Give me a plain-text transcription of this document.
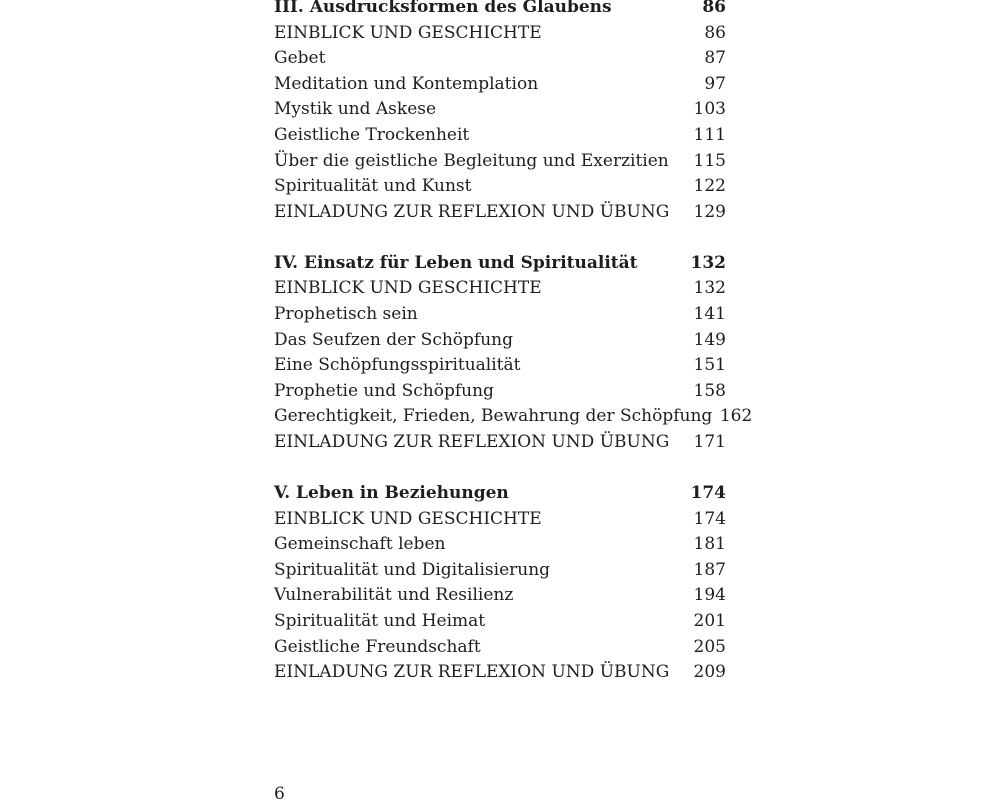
III. Ausdrucksformen des Glaubens	86
EINBLICK UND GESCHICHTE	86
Gebet	87
Meditation und Kontemplation	97
Mystik und Askese	103
Geistliche Trockenheit	111
Über die geistliche Begleitung und Exerzitien	115
Spiritualität und Kunst	122
EINLADUNG ZUR REFLEXION UND ÜBUNG	129
IV. Einsatz für Leben und Spiritualität	132
EINBLICK UND GESCHICHTE	132
Prophetisch sein	141
Das Seufzen der Schöpfung	149
Eine Schöpfungsspiritualität	151
Prophetie und Schöpfung	158
Gerechtigkeit, Frieden, Bewahrung der Schöpfung 162
EINLADUNG ZUR REFLEXION UND ÜBUNG	171
V. Leben in Beziehungen	174
EINBLICK UND GESCHICHTE	174
Gemeinschaft leben	181
Spiritualität und Digitalisierung	187
Vulnerabilität und Resilienz	194
Spiritualität und Heimat	201
Geistliche Freundschaft	205
EINLADUNG ZUR REFLEXION UND ÜBUNG	209
6
